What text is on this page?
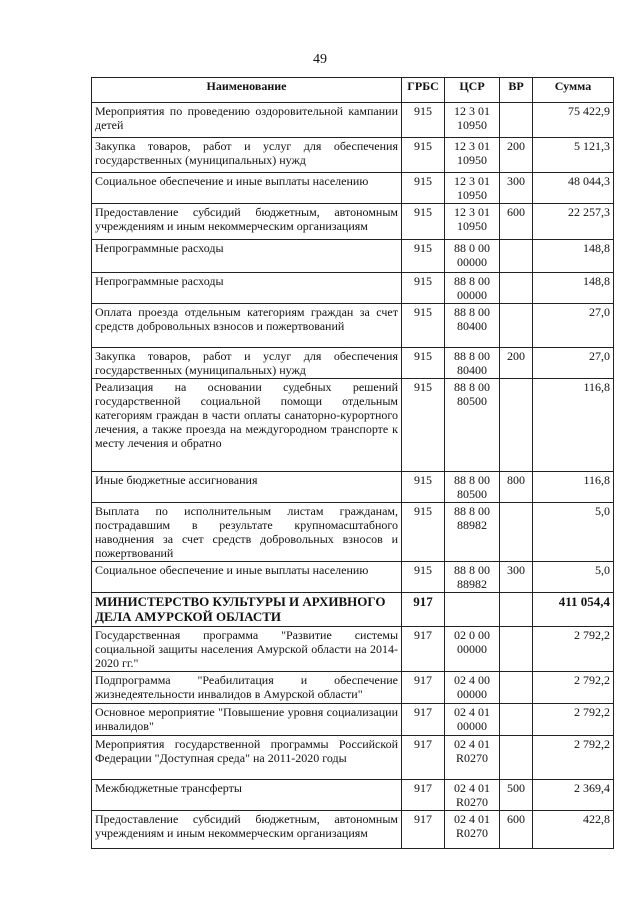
49
Наименование	ГРБС	ЦСР	ВР	Сумма
Мероприятия по проведению оздоровительной кампании детей	915	12 3 01 10950		75 422,9
Закупка товаров, работ и услуг для обеспечения государственных (муниципальных) нужд	915	12 3 01 10950	200	5 121,3
Социальное обеспечение и иные выплаты населению	915	12 3 01 10950	300	48 044,3
Предоставление субсидий бюджетным, автономным учреждениям и иным некоммерческим организациям	915	12 3 01 10950	600	22 257,3
Непрограммные расходы	915	88 0 00 00000		148,8
Непрограммные расходы	915	88 8 00 00000		148,8
Оплата проезда отдельным категориям граждан за счет средств добровольных взносов и пожертвований	915	88 8 00 80400		27,0
Закупка товаров, работ и услуг для обеспечения государственных (муниципальных) нужд	915	88 8 00 80400	200	27,0
Реализация на основании судебных решений государственной социальной помощи отдельным категориям граждан в части оплаты санаторно-курортного лечения, а также проезда на междугородном транспорте к месту лечения и обратно	915	88 8 00 80500		116,8
Иные бюджетные ассигнования	915	88 8 00 80500	800	116,8
Выплата по исполнительным листам гражданам, пострадавшим в результате крупномасштабного наводнения за счет средств добровольных взносов и пожертвований	915	88 8 00 88982		5,0
Социальное обеспечение и иные выплаты населению	915	88 8 00 88982	300	5,0
МИНИСТЕРСТВО КУЛЬТУРЫ И АРХИВНОГО ДЕЛА АМУРСКОЙ ОБЛАСТИ	917			411 054,4
Государственная программа "Развитие системы социальной защиты населения Амурской области на 2014-2020 гг."	917	02 0 00 00000		2 792,2
Подпрограмма "Реабилитация и обеспечение жизнедеятельности инвалидов в Амурской области"	917	02 4 00 00000		2 792,2
Основное мероприятие "Повышение уровня социализации инвалидов"	917	02 4 01 00000		2 792,2
Мероприятия государственной программы Российской Федерации "Доступная среда" на 2011-2020 годы	917	02 4 01 R0270		2 792,2
Межбюджетные трансферты	917	02 4 01 R0270	500	2 369,4
Предоставление субсидий бюджетным, автономным учреждениям и иным некоммерческим организациям	917	02 4 01 R0270	600	422,8
